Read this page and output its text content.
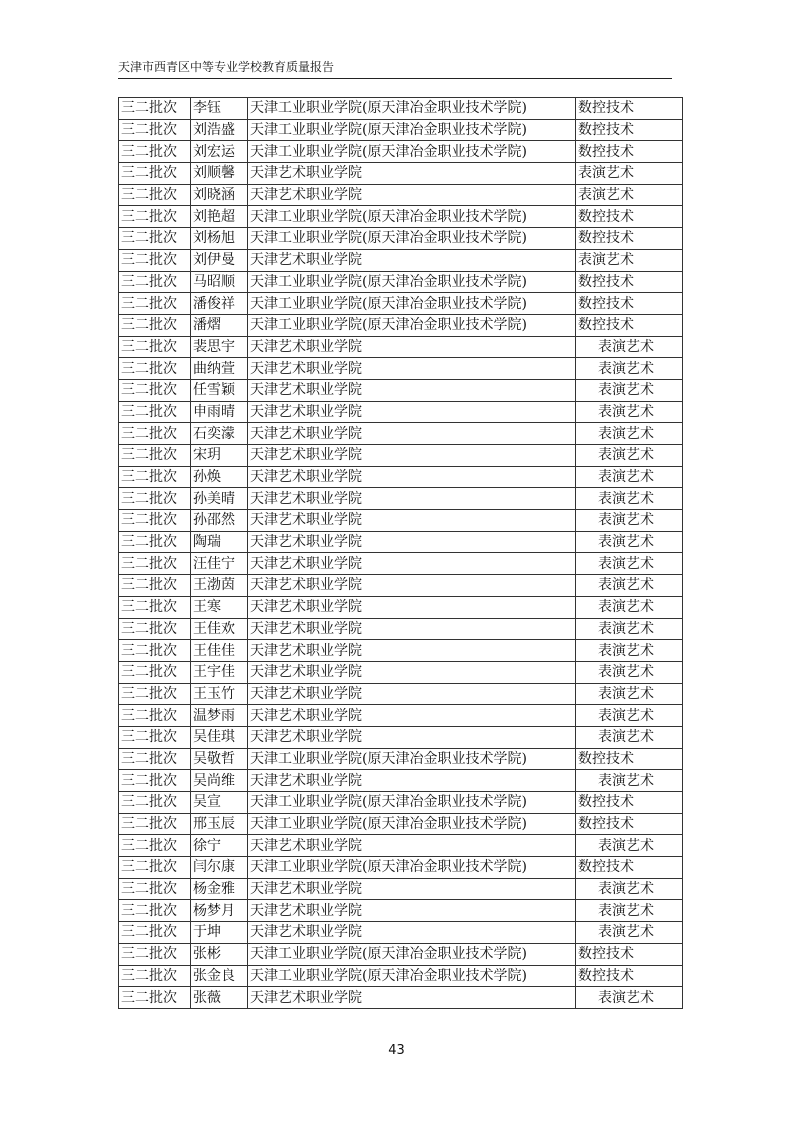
天津市西青区中等专业学校教育质量报告
三二批次	李钰	天津工业职业学院(原天津冶金职业技术学院)	数控技术
三二批次	刘浩盛	天津工业职业学院(原天津冶金职业技术学院)	数控技术
三二批次	刘宏运	天津工业职业学院(原天津冶金职业技术学院)	数控技术
三二批次	刘顺馨	天津艺术职业学院	表演艺术
三二批次	刘晓涵	天津艺术职业学院	表演艺术
三二批次	刘艳超	天津工业职业学院(原天津冶金职业技术学院)	数控技术
三二批次	刘杨旭	天津工业职业学院(原天津冶金职业技术学院)	数控技术
三二批次	刘伊曼	天津艺术职业学院	表演艺术
三二批次	马昭顺	天津工业职业学院(原天津冶金职业技术学院)	数控技术
三二批次	潘俊祥	天津工业职业学院(原天津冶金职业技术学院)	数控技术
三二批次	潘熠	天津工业职业学院(原天津冶金职业技术学院)	数控技术
三二批次	裴思宇	天津艺术职业学院	表演艺术
三二批次	曲纳萱	天津艺术职业学院	表演艺术
三二批次	任雪颖	天津艺术职业学院	表演艺术
三二批次	申雨晴	天津艺术职业学院	表演艺术
三二批次	石奕濛	天津艺术职业学院	表演艺术
三二批次	宋玥	天津艺术职业学院	表演艺术
三二批次	孙焕	天津艺术职业学院	表演艺术
三二批次	孙美晴	天津艺术职业学院	表演艺术
三二批次	孙邵然	天津艺术职业学院	表演艺术
三二批次	陶瑞	天津艺术职业学院	表演艺术
三二批次	汪佳宁	天津艺术职业学院	表演艺术
三二批次	王渤茵	天津艺术职业学院	表演艺术
三二批次	王寒	天津艺术职业学院	表演艺术
三二批次	王佳欢	天津艺术职业学院	表演艺术
三二批次	王佳佳	天津艺术职业学院	表演艺术
三二批次	王宇佳	天津艺术职业学院	表演艺术
三二批次	王玉竹	天津艺术职业学院	表演艺术
三二批次	温梦雨	天津艺术职业学院	表演艺术
三二批次	吴佳琪	天津艺术职业学院	表演艺术
三二批次	吴敬哲	天津工业职业学院(原天津冶金职业技术学院)	数控技术
三二批次	吴尚维	天津艺术职业学院	表演艺术
三二批次	吴宣	天津工业职业学院(原天津冶金职业技术学院)	数控技术
三二批次	邢玉辰	天津工业职业学院(原天津冶金职业技术学院)	数控技术
三二批次	徐宁	天津艺术职业学院	表演艺术
三二批次	闫尔康	天津工业职业学院(原天津冶金职业技术学院)	数控技术
三二批次	杨金雅	天津艺术职业学院	表演艺术
三二批次	杨梦月	天津艺术职业学院	表演艺术
三二批次	于坤	天津艺术职业学院	表演艺术
三二批次	张彬	天津工业职业学院(原天津冶金职业技术学院)	数控技术
三二批次	张金良	天津工业职业学院(原天津冶金职业技术学院)	数控技术
三二批次	张薇	天津艺术职业学院	表演艺术
43
